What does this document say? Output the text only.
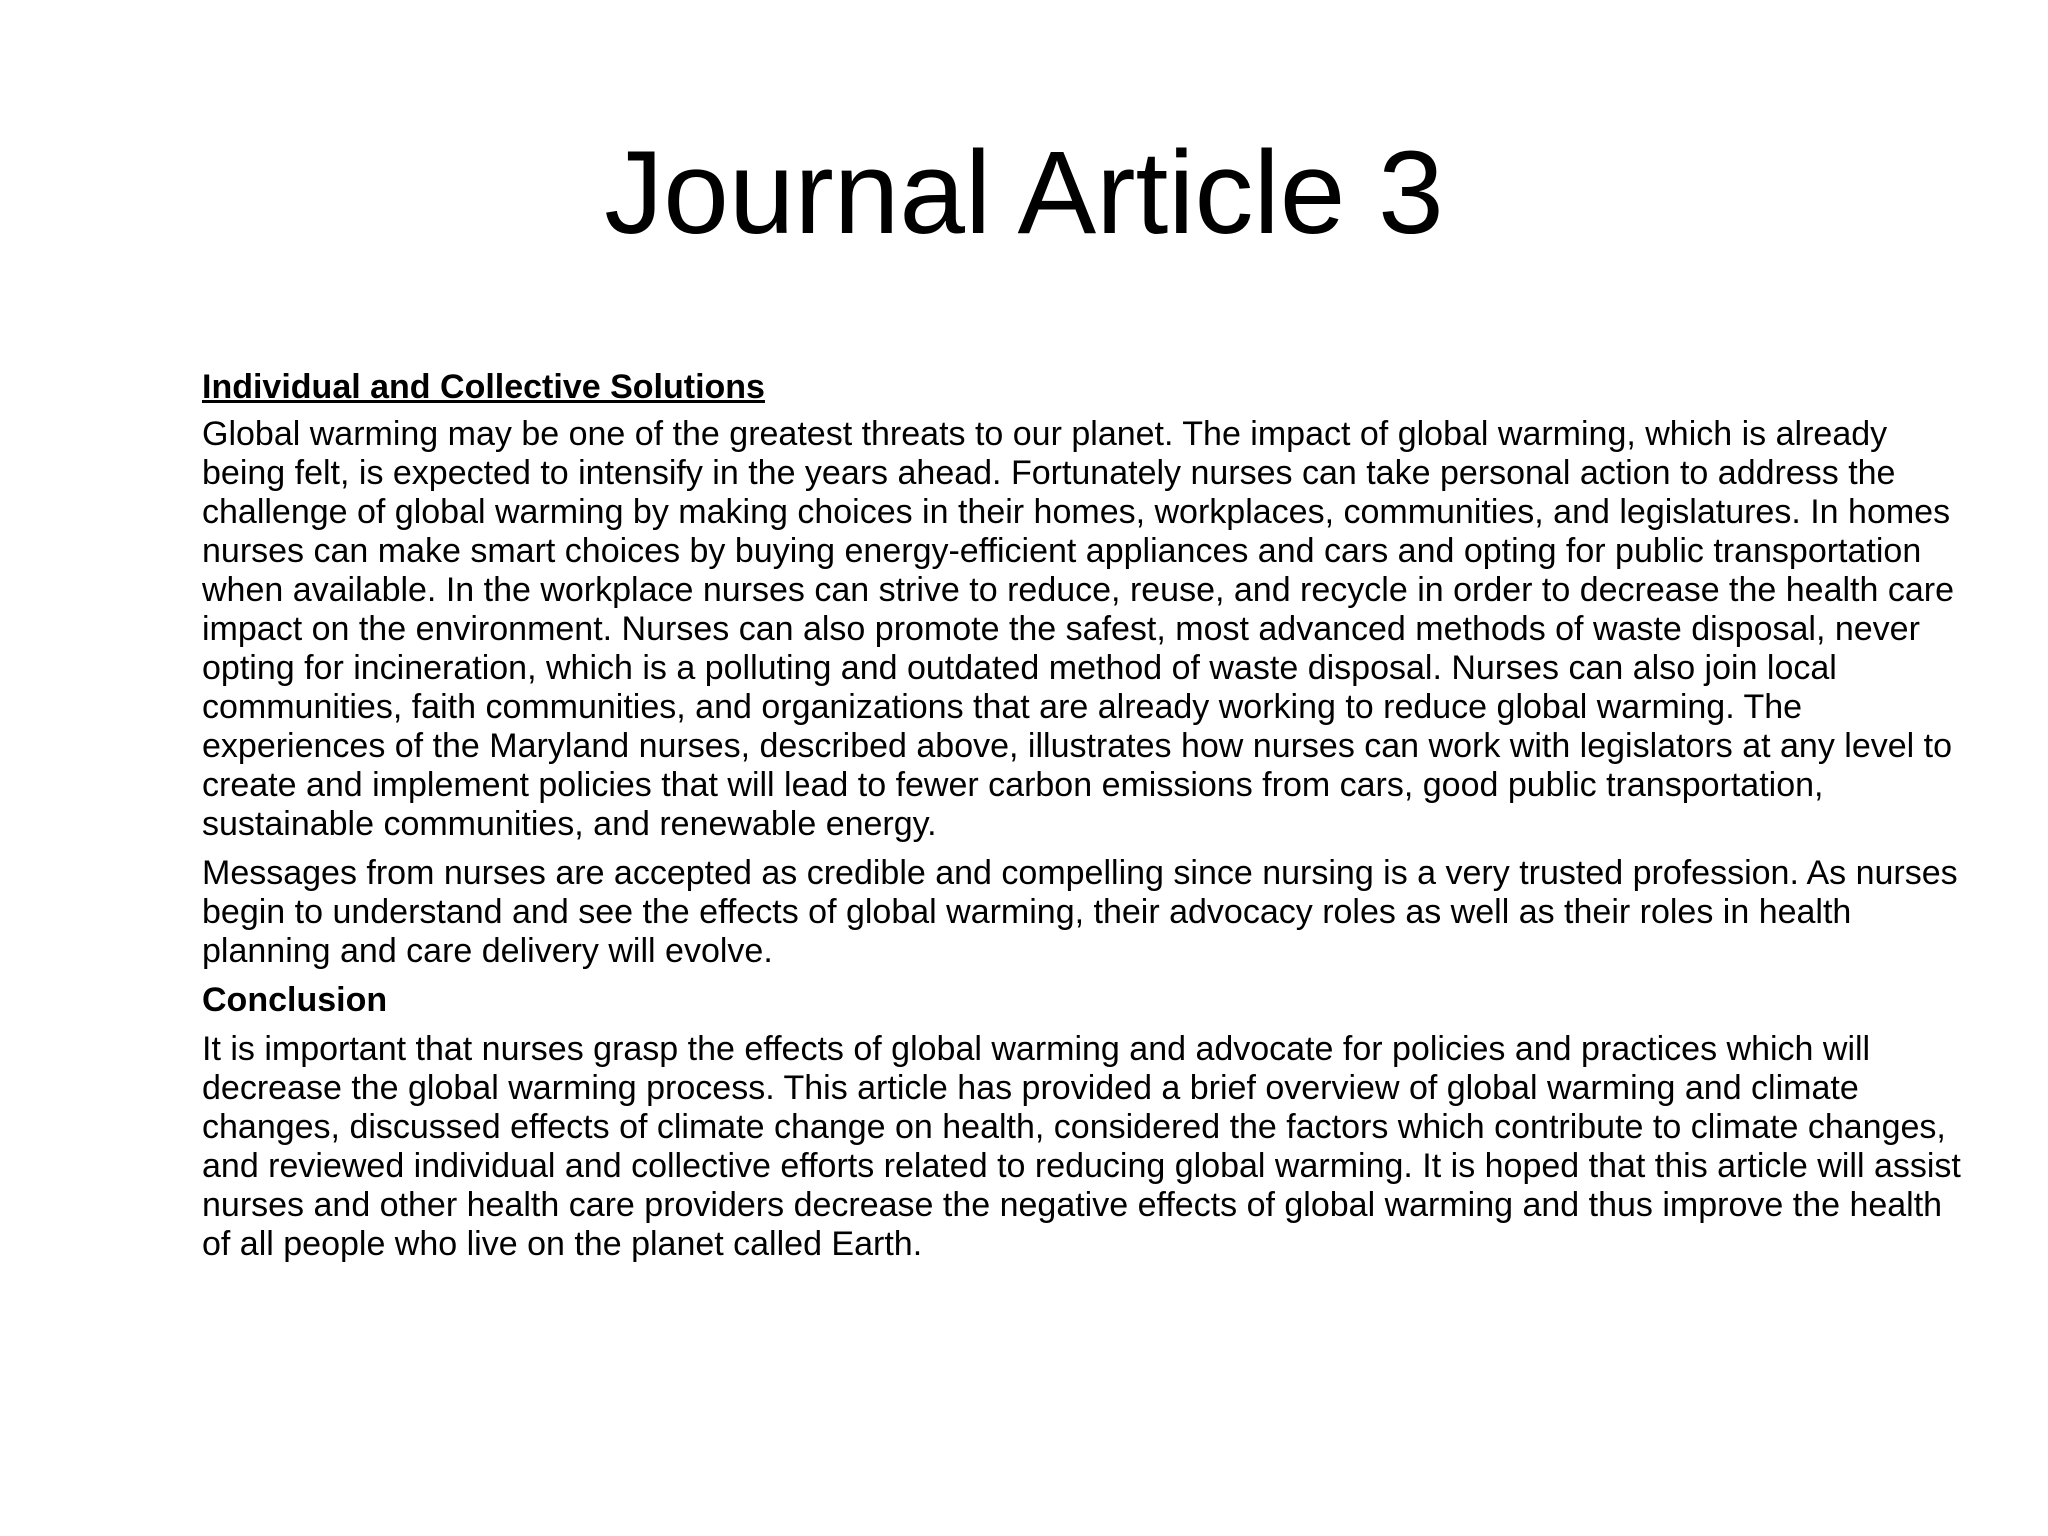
Journal Article 3

Individual and Collective Solutions

Global warming may be one of the greatest threats to our planet. The impact of global warming, which is already being felt, is expected to intensify in the years ahead. Fortunately nurses can take personal action to address the challenge of global warming by making choices in their homes, workplaces, communities, and legislatures. In homes nurses can make smart choices by buying energy-efficient appliances and cars and opting for public transportation when available. In the workplace nurses can strive to reduce, reuse, and recycle in order to decrease the health care impact on the environment. Nurses can also promote the safest, most advanced methods of waste disposal, never opting for incineration, which is a polluting and outdated method of waste disposal. Nurses can also join local communities, faith communities, and organizations that are already working to reduce global warming. The experiences of the Maryland nurses, described above, illustrates how nurses can work with legislators at any level to create and implement policies that will lead to fewer carbon emissions from cars, good public transportation, sustainable communities, and renewable energy.

Messages from nurses are accepted as credible and compelling since nursing is a very trusted profession. As nurses begin to understand and see the effects of global warming, their advocacy roles as well as their roles in health planning and care delivery will evolve.

Conclusion

It is important that nurses grasp the effects of global warming and advocate for policies and practices which will decrease the global warming process. This article has provided a brief overview of global warming and climate changes, discussed effects of climate change on health, considered the factors which contribute to climate changes, and reviewed individual and collective efforts related to reducing global warming. It is hoped that this article will assist nurses and other health care providers decrease the negative effects of global warming and thus improve the health of all people who live on the planet called Earth.
